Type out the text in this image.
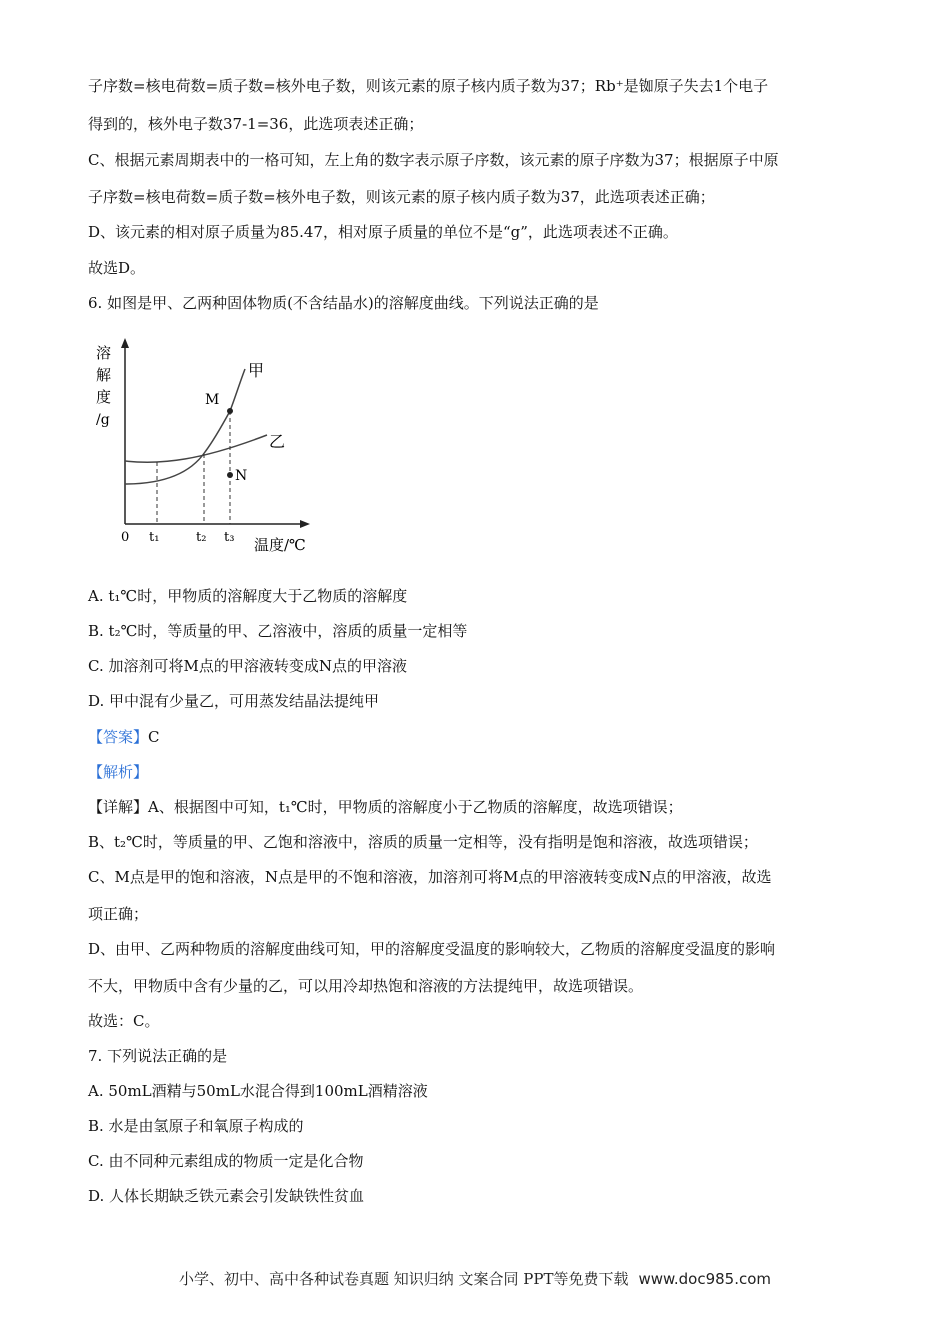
子序数=核电荷数=质子数=核外电子数，则该元素的原子核内质子数为37；Rb⁺是铷原子失去1个电子
得到的，核外电子数37-1=36，此选项表述正确；
C、根据元素周期表中的一格可知，左上角的数字表示原子序数，该元素的原子序数为37；根据原子中原
子序数=核电荷数=质子数=核外电子数，则该元素的原子核内质子数为37，此选项表述正确；
D、该元素的相对原子质量为85.47，相对原子质量的单位不是“g”，此选项表述不正确。
故选D。
6. 如图是甲、乙两种固体物质(不含结晶水)的溶解度曲线。下列说法正确的是
溶
解
度
/g
M
N
甲
乙
0 t₁	t₂ t₃ 温度/℃
A. t₁℃时，甲物质的溶解度大于乙物质的溶解度
B. t₂℃时，等质量的甲、乙溶液中，溶质的质量一定相等
C. 加溶剂可将M点的甲溶液转变成N点的甲溶液
D. 甲中混有少量乙，可用蒸发结晶法提纯甲
【答案】C
【解析】
【详解】A、根据图中可知，t₁℃时，甲物质的溶解度小于乙物质的溶解度，故选项错误；
B、t₂℃时，等质量的甲、乙饱和溶液中，溶质的质量一定相等，没有指明是饱和溶液，故选项错误；
C、M点是甲的饱和溶液，N点是甲的不饱和溶液，加溶剂可将M点的甲溶液转变成N点的甲溶液，故选
项正确；
D、由甲、乙两种物质的溶解度曲线可知，甲的溶解度受温度的影响较大，乙物质的溶解度受温度的影响
不大，甲物质中含有少量的乙，可以用冷却热饱和溶液的方法提纯甲，故选项错误。
故选：C。
7. 下列说法正确的是
A. 50mL酒精与50mL水混合得到100mL酒精溶液
B. 水是由氢原子和氧原子构成的
C. 由不同种元素组成的物质一定是化合物
D. 人体长期缺乏铁元素会引发缺铁性贫血
小学、初中、高中各种试卷真题 知识归纳 文案合同 PPT等免费下载 www.doc985.com
